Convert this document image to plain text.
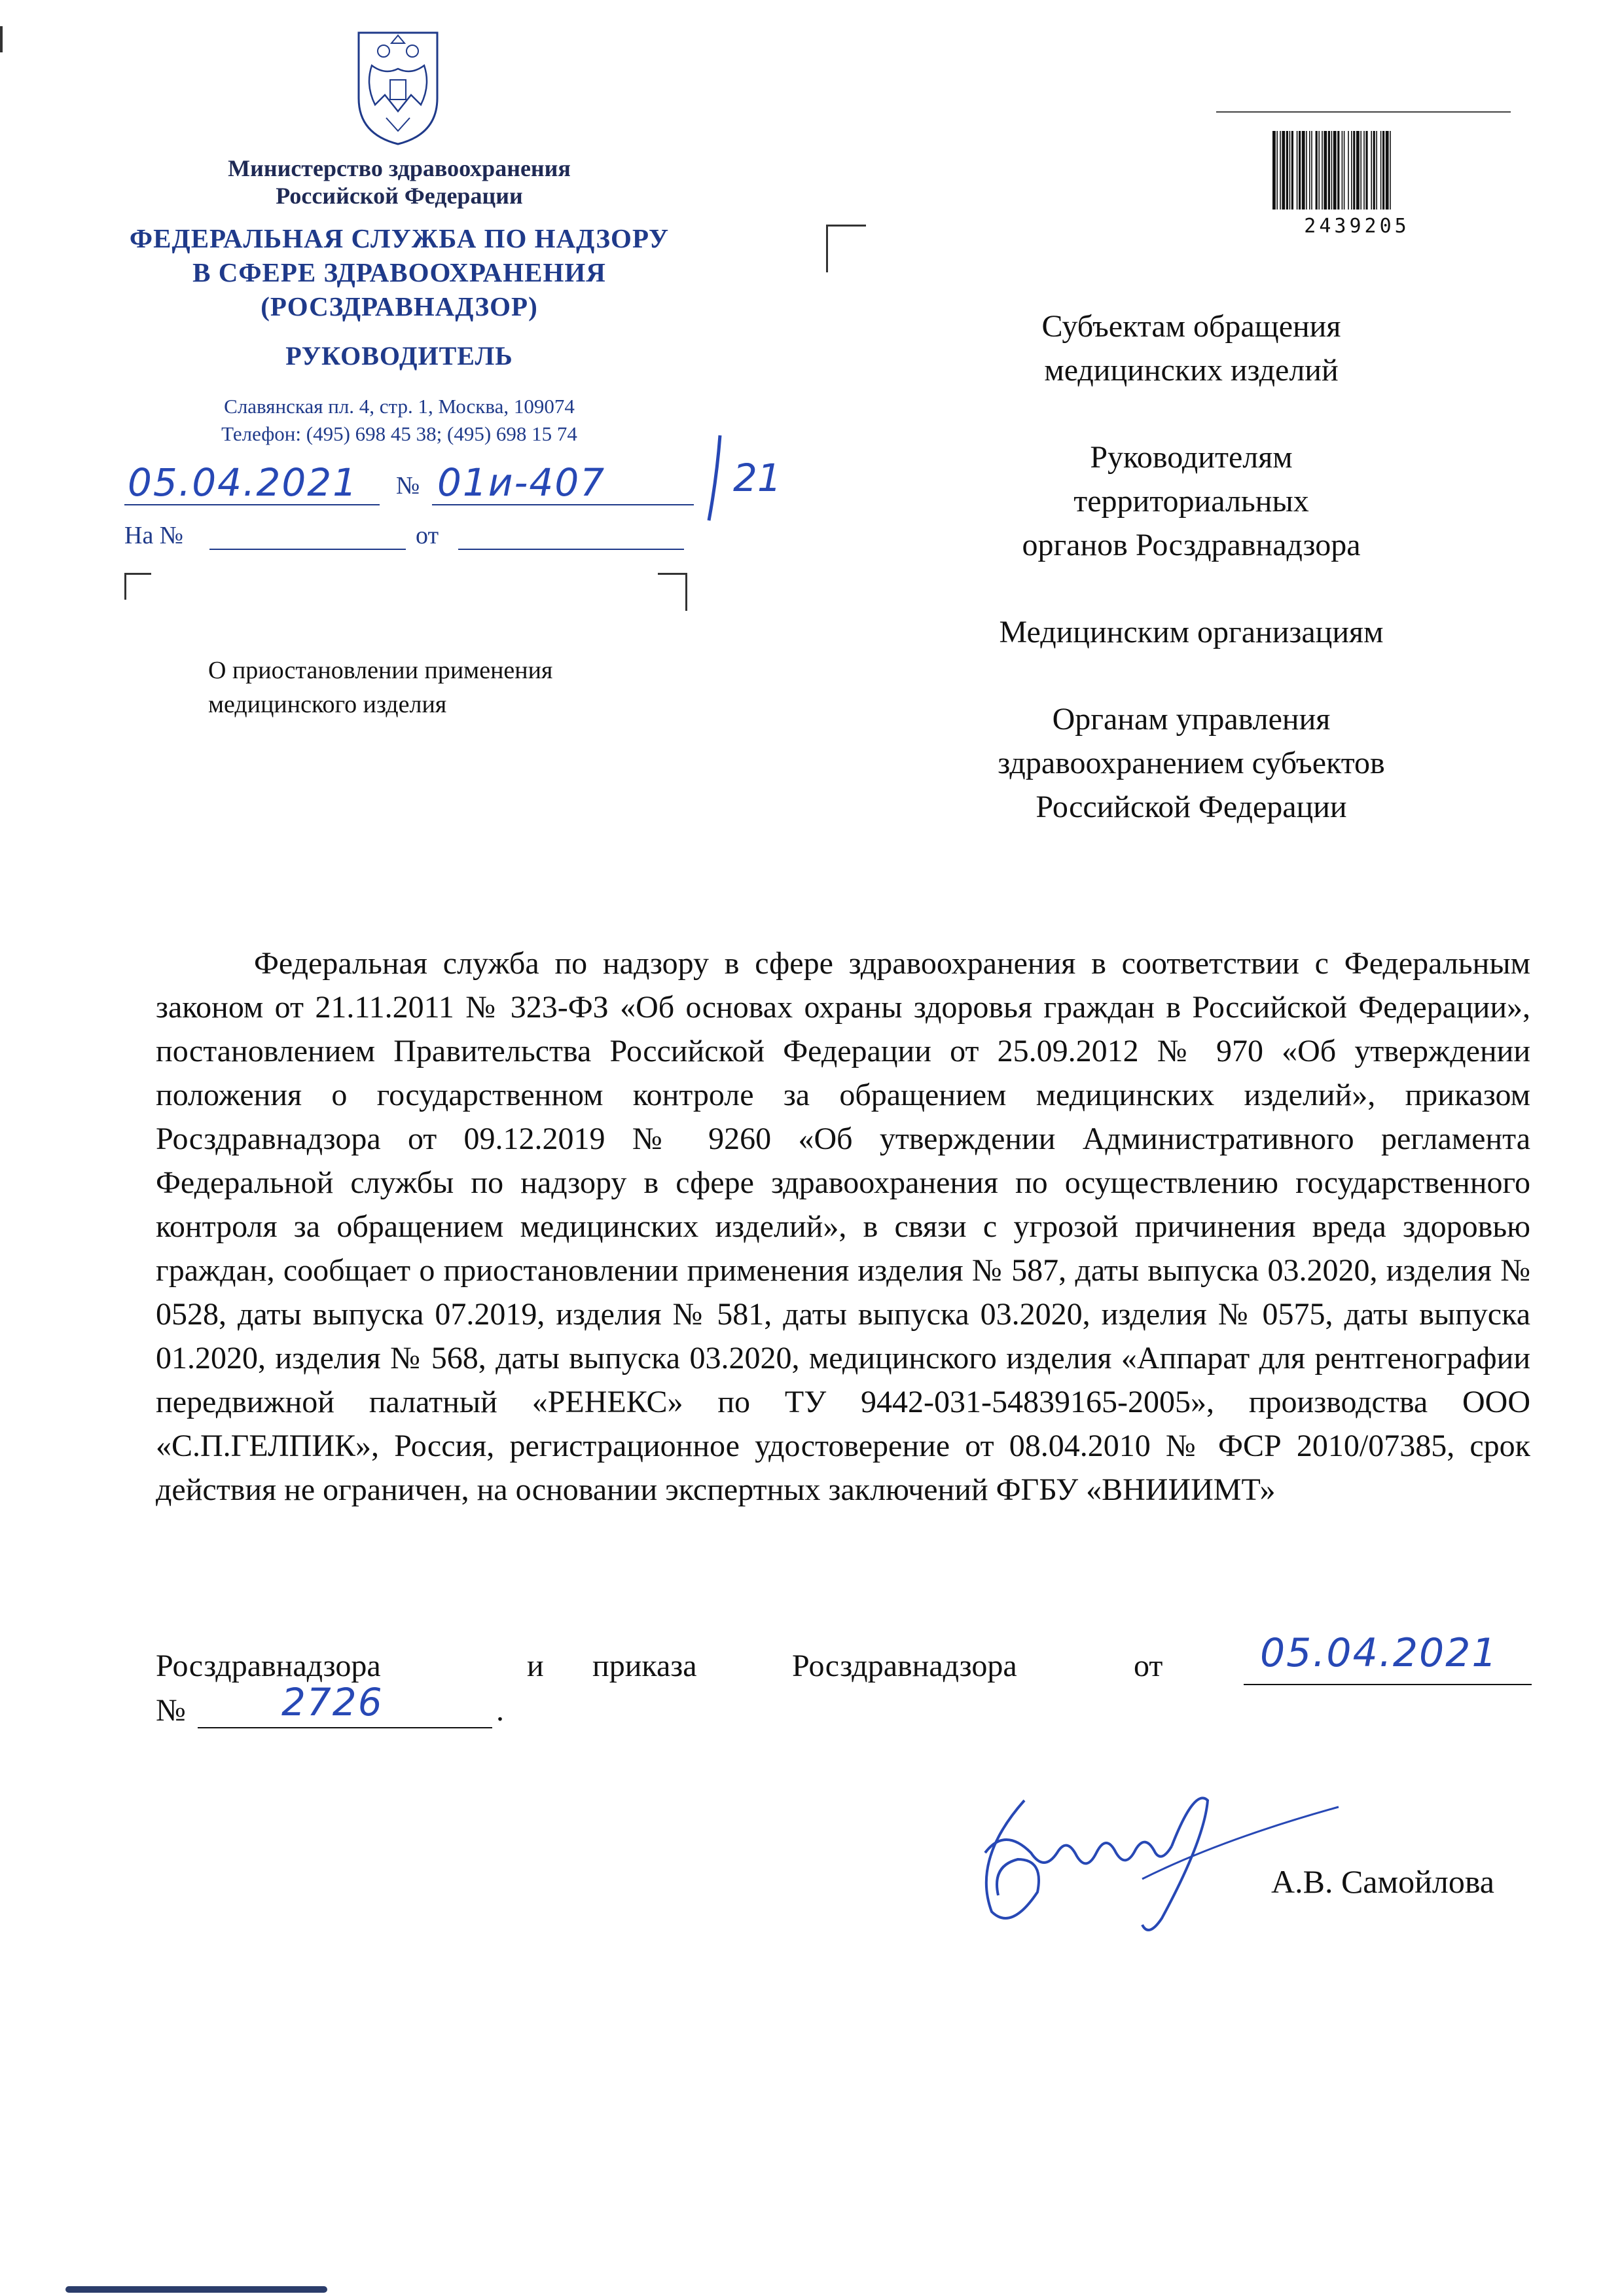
Министерство здравоохранения
Российской Федерации
ФЕДЕРАЛЬНАЯ СЛУЖБА ПО НАДЗОРУ
В СФЕРЕ ЗДРАВООХРАНЕНИЯ
(РОСЗДРАВНАДЗОР)
РУКОВОДИТЕЛЬ
Славянская пл. 4, стр. 1, Москва, 109074
Телефон: (495) 698 45 38; (495) 698 15 74
05.04.2021 № 01и-407	21
На №	от
О приостановлении применения
медицинского изделия
2439205

Субъектам обращения
медицинских изделий

Руководителям
территориальных
органов Росздравнадзора

Медицинским организациям

Органам управления
здравоохранением субъектов
Российской Федерации

Федеральная служба по надзору в сфере здравоохранения в соответствии с Федеральным законом от 21.11.2011 № 323-ФЗ «Об основах охраны здоровья граждан в Российской Федерации», постановлением Правительства Российской Федерации от 25.09.2012 № 970 «Об утверждении положения о государственном контроле за обращением медицинских изделий», приказом Росздравнадзора от 09.12.2019 № 9260 «Об утверждении Административного регламента Федеральной службы по надзору в сфере здравоохранения по осуществлению государственного контроля за обращением медицинских изделий», в связи с угрозой причинения вреда здоровью граждан, сообщает о приостановлении применения изделия № 587, даты выпуска 03.2020, изделия № 0528, даты выпуска 07.2019, изделия № 581, даты выпуска 03.2020, изделия № 0575, даты выпуска 01.2020, изделия № 568, даты выпуска 03.2020, медицинского изделия «Аппарат для рентгенографии передвижной палатный «РЕНЕКС» по ТУ 9442-031-54839165-2005», производства ООО «С.П.ГЕЛПИК», Россия, регистрационное удостоверение от 08.04.2010 № ФСР 2010/07385, срок действия не ограничен, на основании экспертных заключений ФГБУ «ВНИИИМТ»

Росздравнадзора	и приказа	Росздравнадзора	от 05.04.2021
№	2726	.
А.В. Самойлова
